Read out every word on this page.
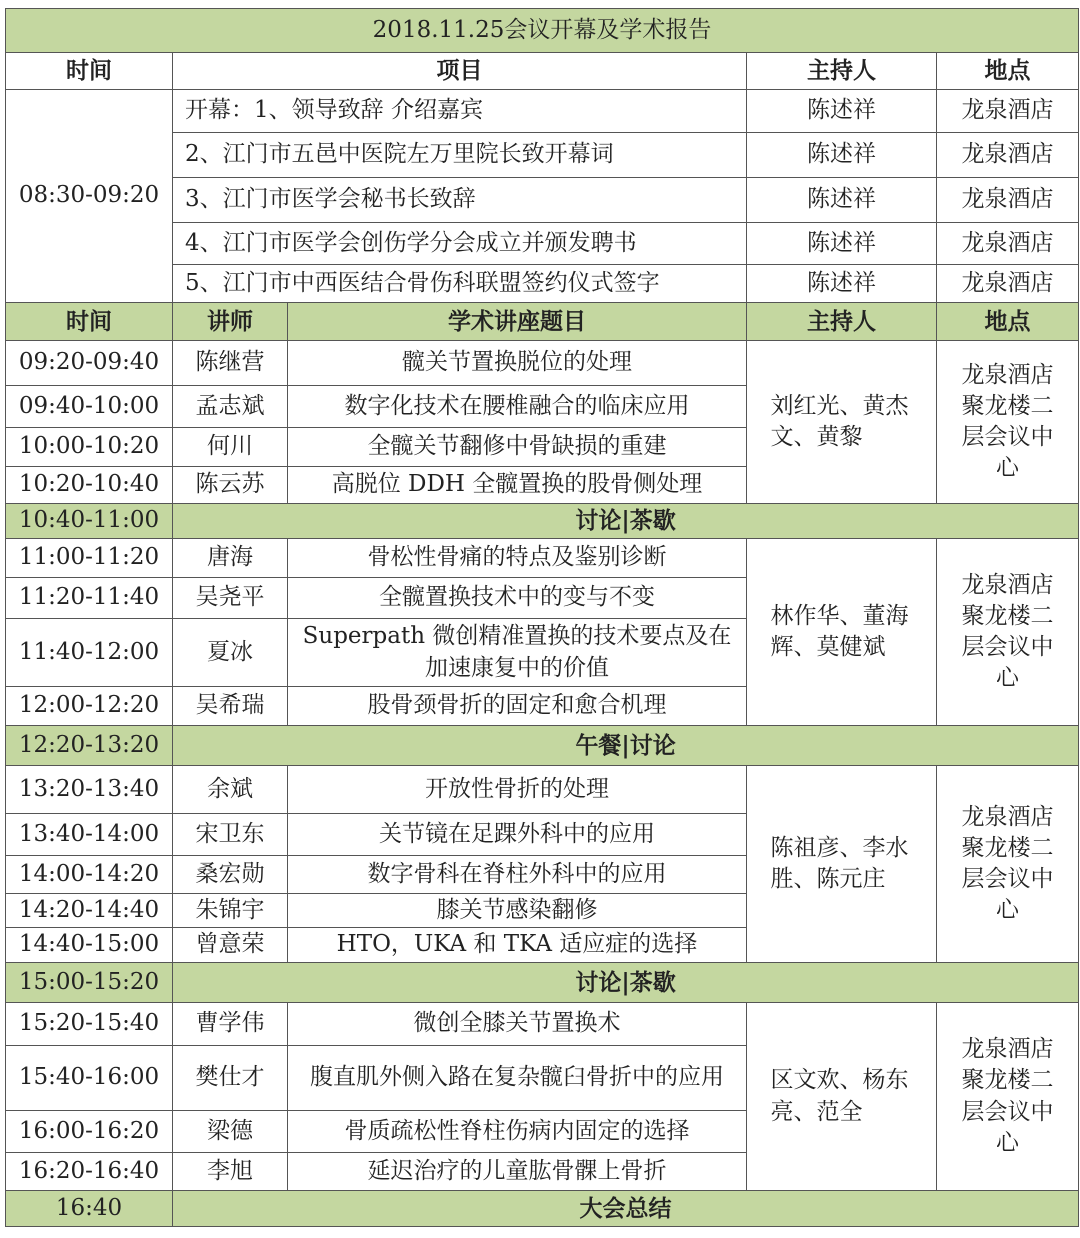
2018.11.25会议开幕及学术报告				
时间	项目		主持人	地点
08:30-09:20	开幕：1、领导致辞 介绍嘉宾		陈述祥	龙泉酒店
	2、江门市五邑中医院左万里院长致开幕词		陈述祥	龙泉酒店
	3、江门市医学会秘书长致辞		陈述祥	龙泉酒店
	4、江门市医学会创伤学分会成立并颁发聘书		陈述祥	龙泉酒店
	5、江门市中西医结合骨伤科联盟签约仪式签字		陈述祥	龙泉酒店
时间	讲师	学术讲座题目	主持人	地点
09:20-09:40	陈继营	髋关节置换脱位的处理	刘红光、黄杰文、黄黎	龙泉酒店聚龙楼二层会议中心
09:40-10:00	孟志斌	数字化技术在腰椎融合的临床应用		
10:00-10:20	何川	全髋关节翻修中骨缺损的重建		
10:20-10:40	陈云苏	高脱位 DDH 全髋置换的股骨侧处理		
10:40-11:00	讨论|茶歇			
11:00-11:20	唐海	骨松性骨痛的特点及鉴别诊断	林作华、董海辉、莫健斌	龙泉酒店聚龙楼二层会议中心
11:20-11:40	吴尧平	全髋置换技术中的变与不变		
11:40-12:00	夏冰	Superpath 微创精准置换的技术要点及在加速康复中的价值		
12:00-12:20	吴希瑞	股骨颈骨折的固定和愈合机理		
12:20-13:20	午餐|讨论			
13:20-13:40	余斌	开放性骨折的处理	陈祖彦、李水胜、陈元庄	龙泉酒店聚龙楼二层会议中心
13:40-14:00	宋卫东	关节镜在足踝外科中的应用		
14:00-14:20	桑宏勋	数字骨科在脊柱外科中的应用		
14:20-14:40	朱锦宇	膝关节感染翻修		
14:40-15:00	曾意荣	HTO，UKA 和 TKA 适应症的选择		
15:00-15:20	讨论|茶歇			
15:20-15:40	曹学伟	微创全膝关节置换术	区文欢、杨东亮、范全	龙泉酒店聚龙楼二层会议中心
15:40-16:00	樊仕才	腹直肌外侧入路在复杂髋臼骨折中的应用		
16:00-16:20	梁德	骨质疏松性脊柱伤病内固定的选择		
16:20-16:40	李旭	延迟治疗的儿童肱骨髁上骨折		
16:40	大会总结			
